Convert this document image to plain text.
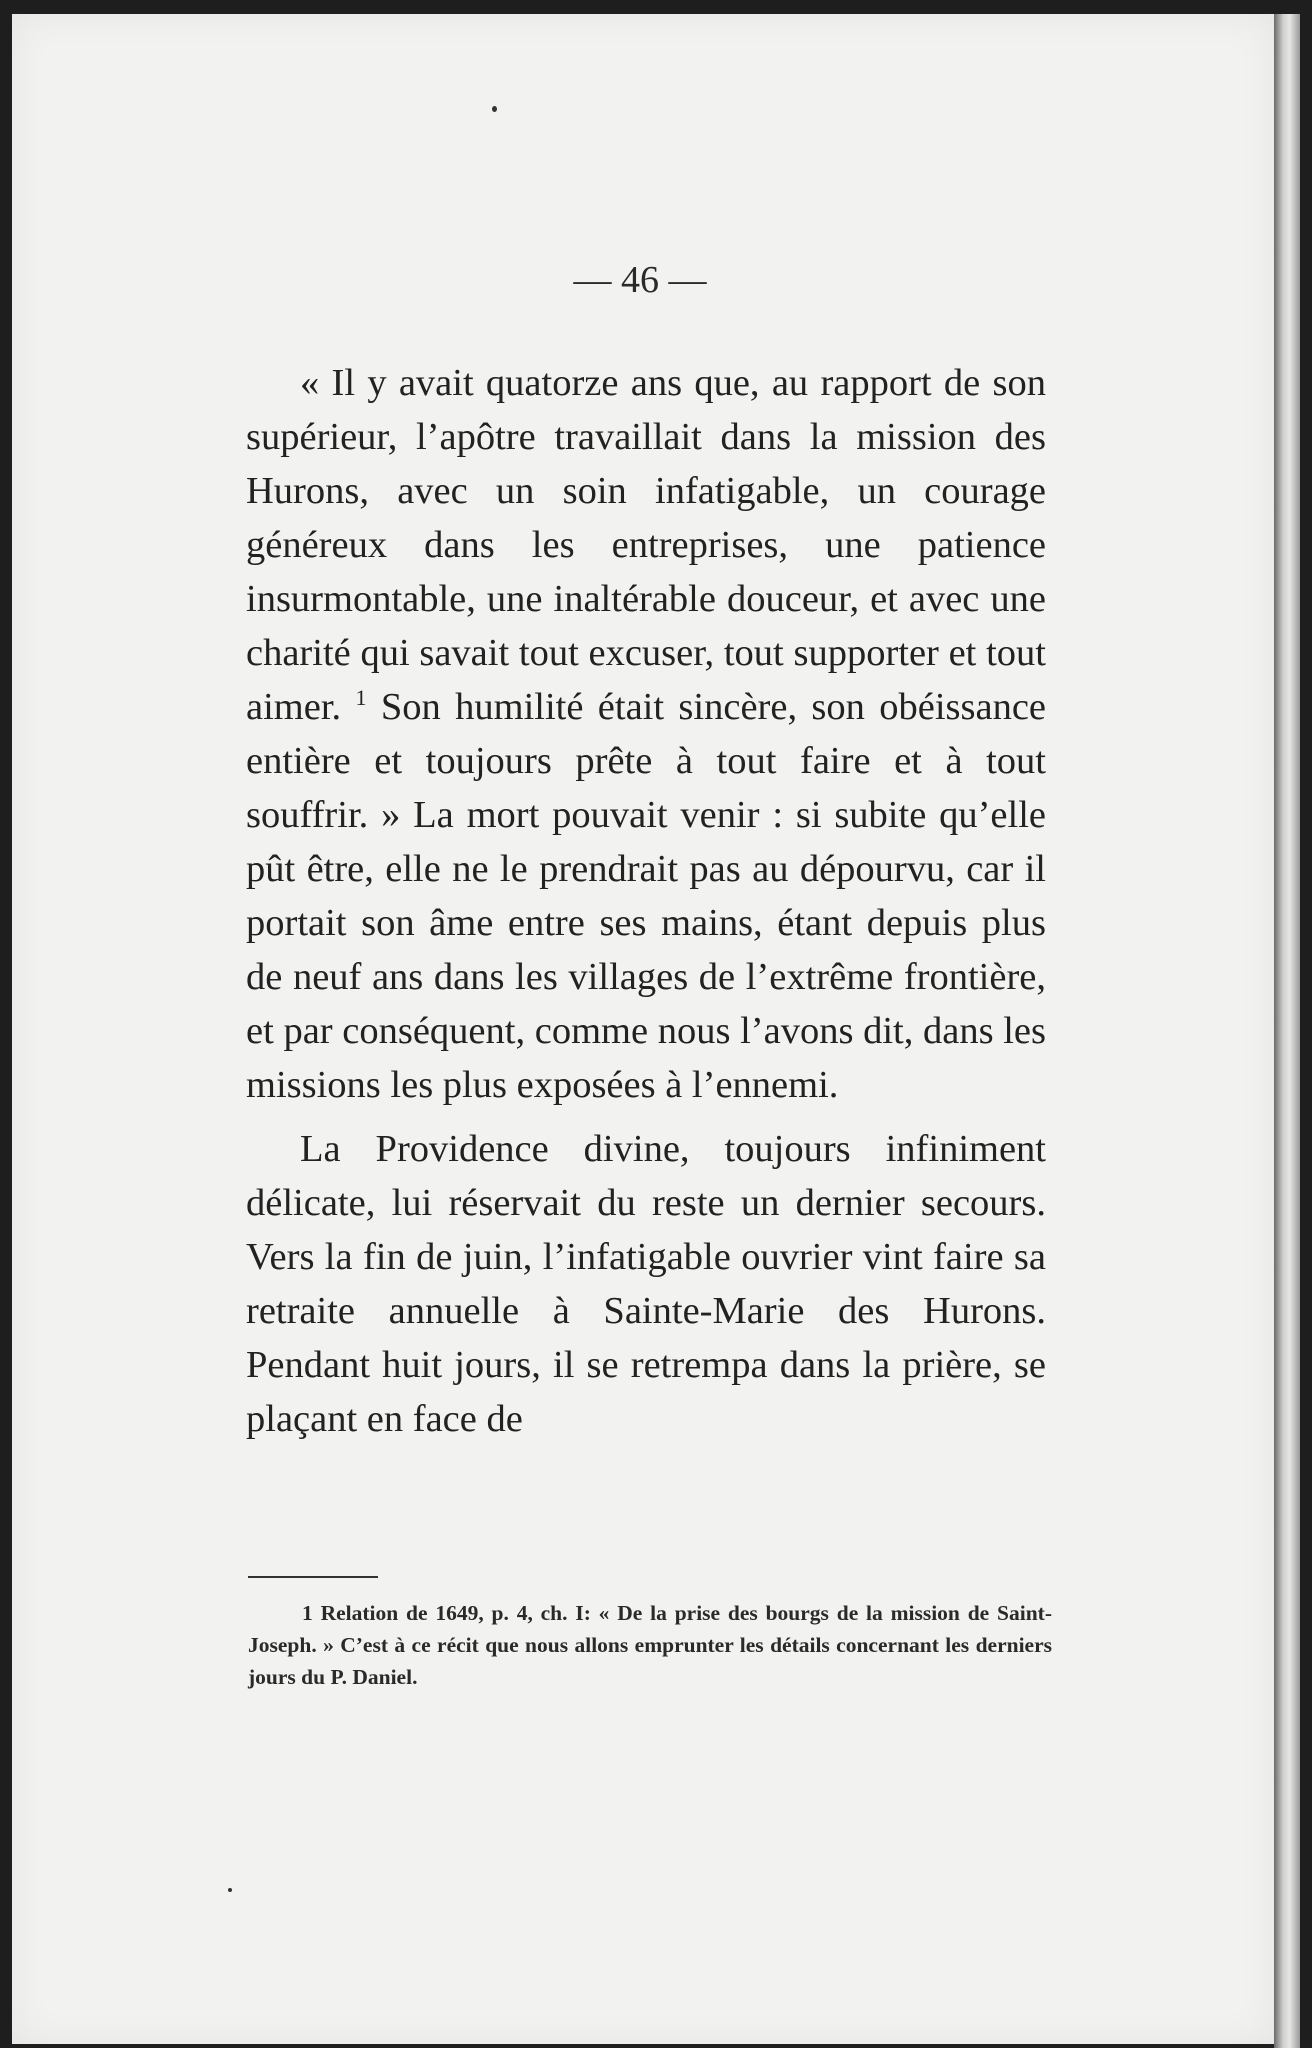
— 46 —

« Il y avait quatorze ans que, au rapport de son supérieur, l’apôtre travaillait dans la mission des Hurons, avec un soin infatigable, un courage généreux dans les entreprises, une patience insurmontable, une inaltérable douceur, et avec une charité qui savait tout excuser, tout supporter et tout aimer. $^1$ Son humilité était sincère, son obéissance entière et toujours prête à tout faire et à tout souffrir. » La mort pouvait venir : si subite qu’elle pût être, elle ne le prendrait pas au dépourvu, car il portait son âme entre ses mains, étant depuis plus de neuf ans dans les villages de l’extrême frontière, et par conséquent, comme nous l’avons dit, dans les missions les plus exposées à l’ennemi.

La Providence divine, toujours infiniment délicate, lui réservait du reste un dernier secours. Vers la fin de juin, l’infatigable ouvrier vint faire sa retraite annuelle à Sainte-Marie des Hurons. Pendant huit jours, il se retrempa dans la prière, se plaçant en face de

1 Relation de 1649, p. 4, ch. I: « De la prise des bourgs de la mission de Saint-Joseph. » C’est à ce récit que nous allons emprunter les détails concernant les derniers jours du P. Daniel.
